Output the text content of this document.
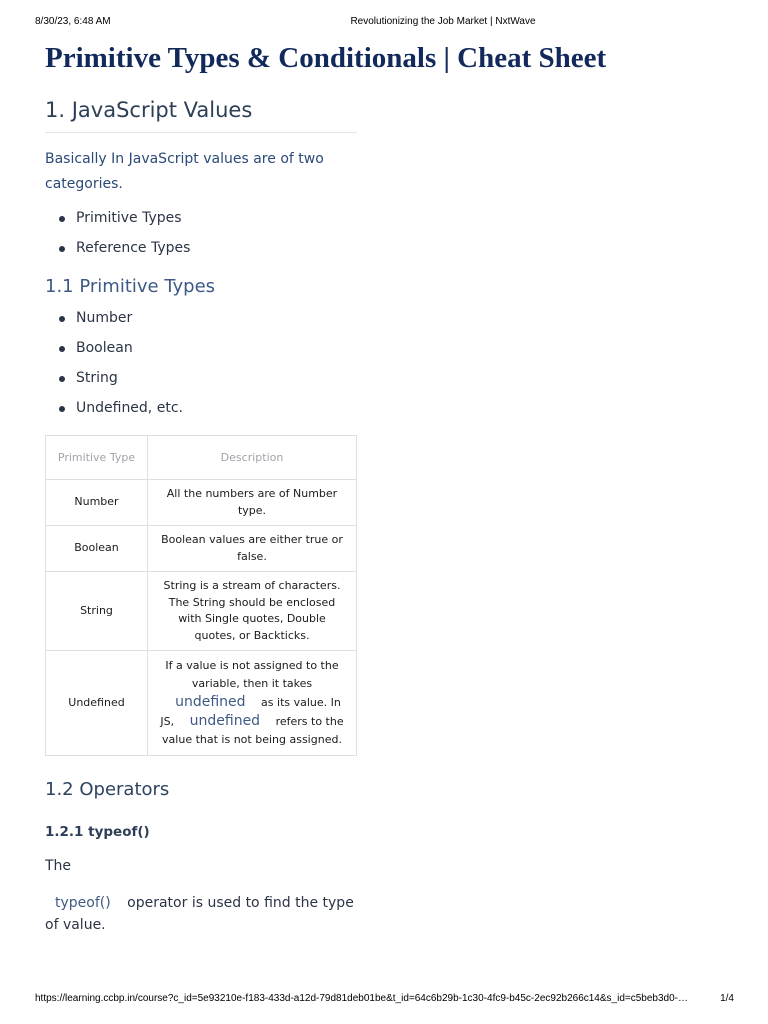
8/30/23, 6:48 AM	Revolutionizing the Job Market | NxtWave
Primitive Types & Conditionals | Cheat Sheet
1. JavaScript Values

Basically In JavaScript values are of two categories.

Primitive Types
Reference Types
1.1 Primitive Types
Number
Boolean
String
Undefined, etc.
Primitive Type	Description
Number	All the numbers are of Number type.
Boolean	Boolean values are either true or false.
String	String is a stream of characters. The String should be enclosed with Single quotes, Double quotes, or Backticks.
Undefined	If a value is not assigned to the variable, then it takes undefined as its value. In JS, undefined refers to the value that is not being assigned.
1.2 Operators
1.2.1 typeof()

The

typeof() operator is used to find the type of value.

https://learning.ccbp.in/course?c_id=5e93210e-f183-433d-a12d-79d81deb01be&t_id=64c6b29b-1c30-4fc9-b45c-2ec92b266c14&s_id=c5beb3d0-…	1/4
